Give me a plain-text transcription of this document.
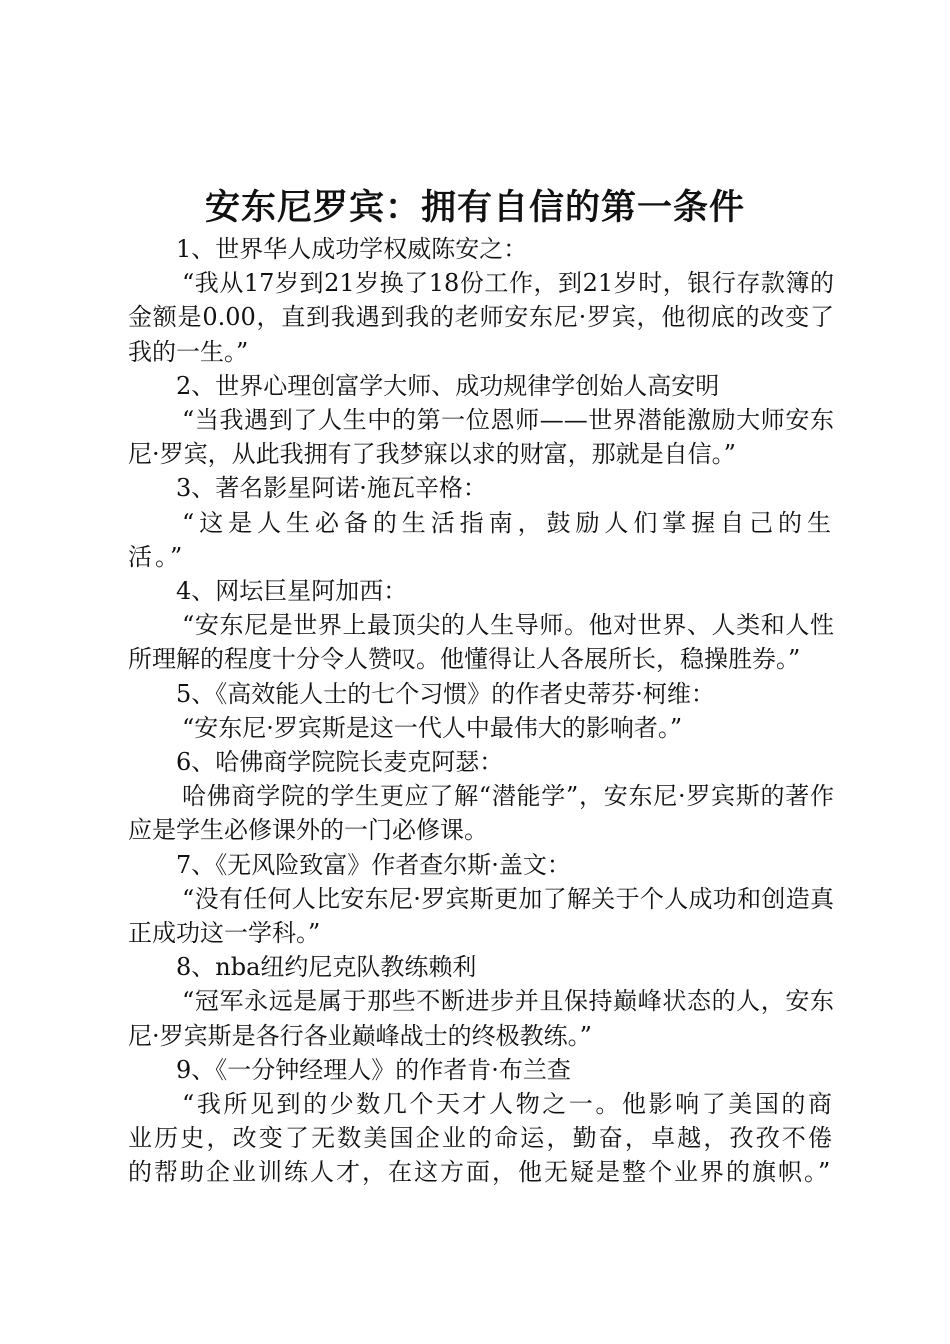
安东尼罗宾：拥有自信的第一条件

1、世界华人成功学权威陈安之：

“我从17岁到21岁换了18份工作，到21岁时，银行存款簿的金额是0.00，直到我遇到我的老师安东尼·罗宾，他彻底的改变了我的一生。”

2、世界心理创富学大师、成功规律学创始人高安明

“当我遇到了人生中的第一位恩师——世界潜能激励大师安东尼·罗宾，从此我拥有了我梦寐以求的财富，那就是自信。”

3、著名影星阿诺·施瓦辛格：

“这是人生必备的生活指南，鼓励人们掌握自己的生活。”

4、网坛巨星阿加西：

“安东尼是世界上最顶尖的人生导师。他对世界、人类和人性所理解的程度十分令人赞叹。他懂得让人各展所长，稳操胜券。”

5、《高效能人士的七个习惯》的作者史蒂芬·柯维：

“安东尼·罗宾斯是这一代人中最伟大的影响者。”

6、哈佛商学院院长麦克阿瑟：

哈佛商学院的学生更应了解“潜能学”，安东尼·罗宾斯的著作应是学生必修课外的一门必修课。

7、《无风险致富》作者查尔斯·盖文：

“没有任何人比安东尼·罗宾斯更加了解关于个人成功和创造真正成功这一学科。”

8、nba纽约尼克队教练赖利

“冠军永远是属于那些不断进步并且保持巅峰状态的人，安东尼·罗宾斯是各行各业巅峰战士的终极教练。”

9、《一分钟经理人》的作者肯·布兰查

“我所见到的少数几个天才人物之一。他影响了美国的商业历史，改变了无数美国企业的命运，勤奋，卓越，孜孜不倦的帮助企业训练人才，在这方面，他无疑是整个业界的旗帜。”
